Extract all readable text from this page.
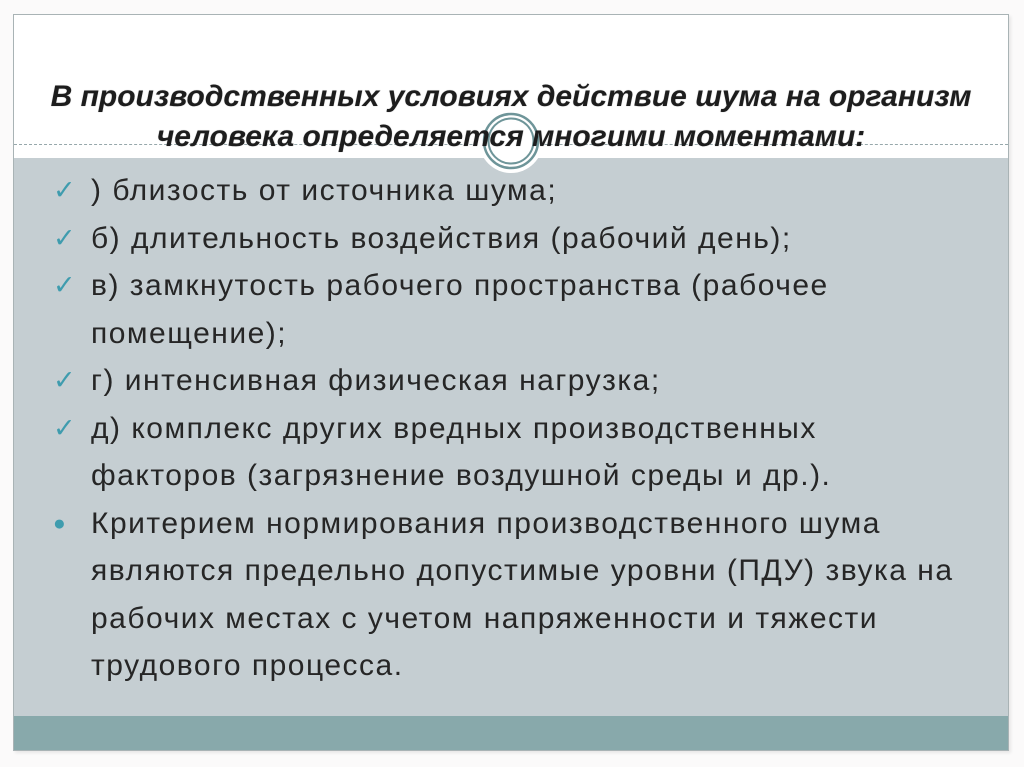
В производственных условиях действие шума на организм
человека определяется многими моментами:
✓ ) близость от источника шума;
✓ б) длительность воздействия (рабочий день);
✓ в) замкнутость рабочего пространства (рабочее помещение);
✓ г) интенсивная физическая нагрузка;
✓ д) комплекс других вредных производственных факторов (загрязнение воздушной среды и др.).
● Критерием нормирования производственного шума являются предельно допустимые уровни (ПДУ) звука на рабочих местах с учетом напряженности и тяжести трудового процесса.
